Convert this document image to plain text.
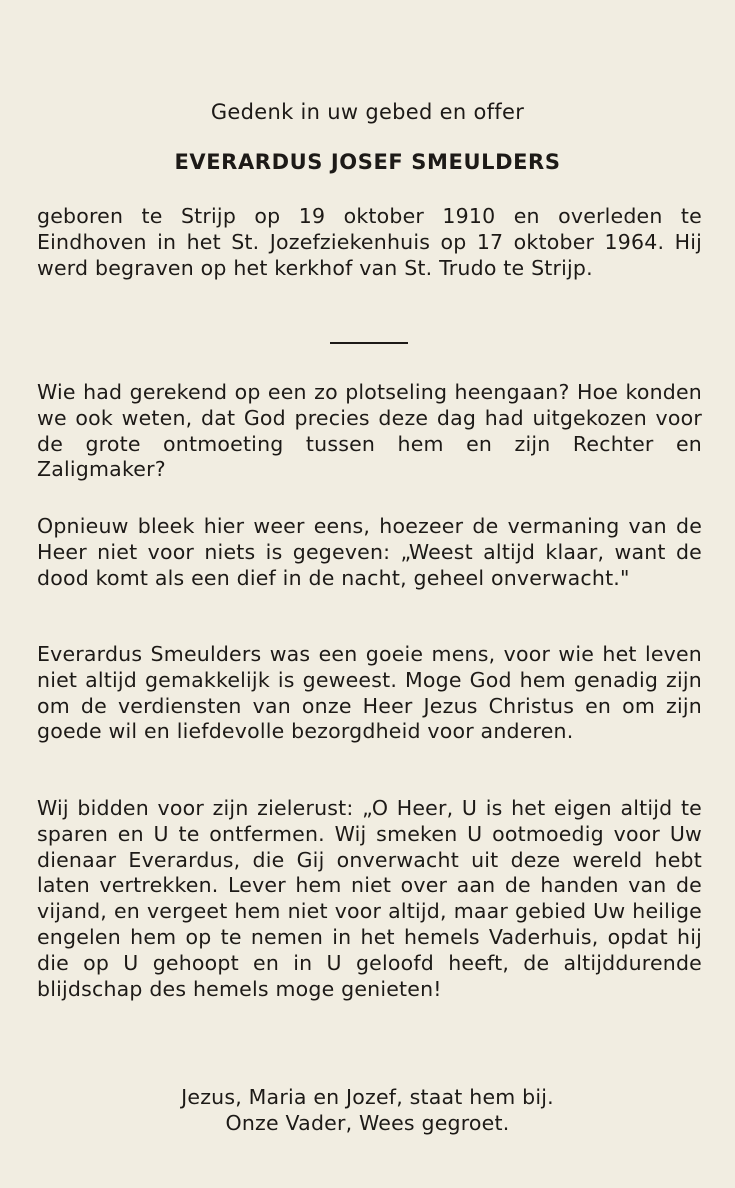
Gedenk in uw gebed en offer

EVERARDUS JOSEF SMEULDERS

geboren te Strijp op 19 oktober 1910 en overleden te Eindhoven in het St. Jozefziekenhuis op 17 oktober 1964. Hij werd begraven op het kerkhof van St. Trudo te Strijp.

Wie had gerekend op een zo plotseling heengaan? Hoe konden we ook weten, dat God precies deze dag had uitgekozen voor de grote ontmoeting tussen hem en zijn Rechter en Zaligmaker?

Opnieuw bleek hier weer eens, hoezeer de vermaning van de Heer niet voor niets is gegeven: „Weest altijd klaar, want de dood komt als een dief in de nacht, geheel onverwacht."

Everardus Smeulders was een goeie mens, voor wie het leven niet altijd gemakkelijk is geweest. Moge God hem genadig zijn om de verdiensten van onze Heer Jezus Christus en om zijn goede wil en liefdevolle bezorgdheid voor anderen.

Wij bidden voor zijn zielerust: „O Heer, U is het eigen altijd te sparen en U te ontfermen. Wij smeken U ootmoedig voor Uw dienaar Everardus, die Gij onverwacht uit deze wereld hebt laten vertrekken. Lever hem niet over aan de handen van de vijand, en vergeet hem niet voor altijd, maar gebied Uw heilige engelen hem op te nemen in het hemels Vaderhuis, opdat hij die op U gehoopt en in U geloofd heeft, de altijddurende blijdschap des hemels moge genieten!

Jezus, Maria en Jozef, staat hem bij.

Onze Vader, Wees gegroet.
